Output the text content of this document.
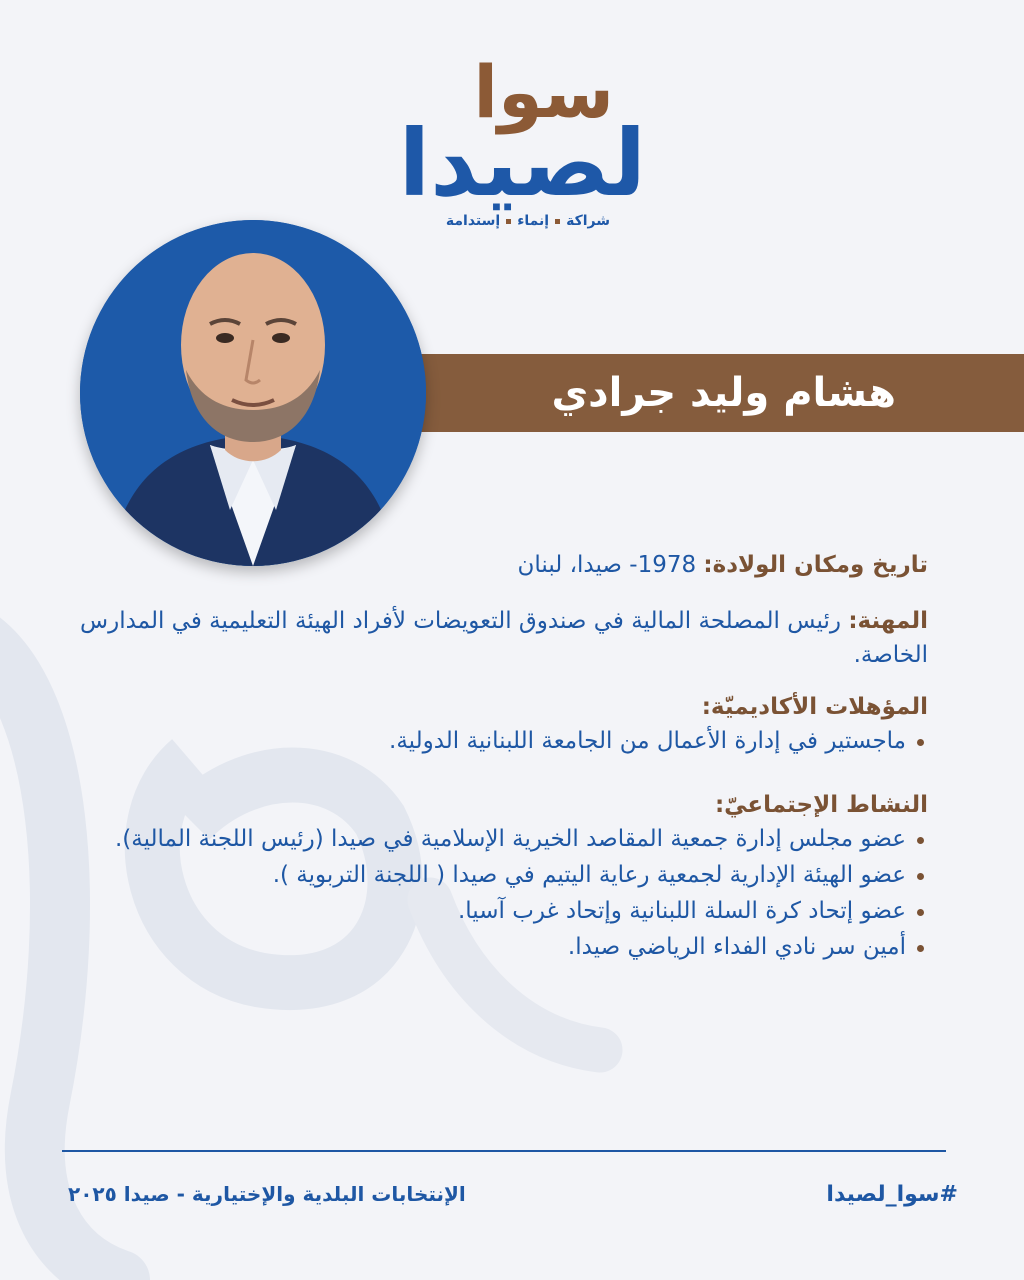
سوا
لصيدا
شراكةإنماءإستدامة
هشام وليد جرادي

تاريخ ومكان الولادة: 1978- صيدا، لبنان

المهنة: رئيس المصلحة المالية في صندوق التعويضات لأفراد الهيئة التعليمية في المدارس الخاصة.

المؤهلات الأكاديميّة:

ماجستير في إدارة الأعمال من الجامعة اللبنانية الدولية.

النشاط الإجتماعيّ:

عضو مجلس إدارة جمعية المقاصد الخيرية الإسلامية في صيدا (رئيس اللجنة المالية).
عضو الهيئة الإدارية لجمعية رعاية اليتيم في صيدا ( اللجنة التربوية ).
عضو إتحاد كرة السلة اللبنانية وإتحاد غرب آسيا.
أمين سر نادي الفداء الرياضي صيدا.
#سوا_لصيدا
الإنتخابات البلدية والإختيارية - صيدا ٢٠٢٥
